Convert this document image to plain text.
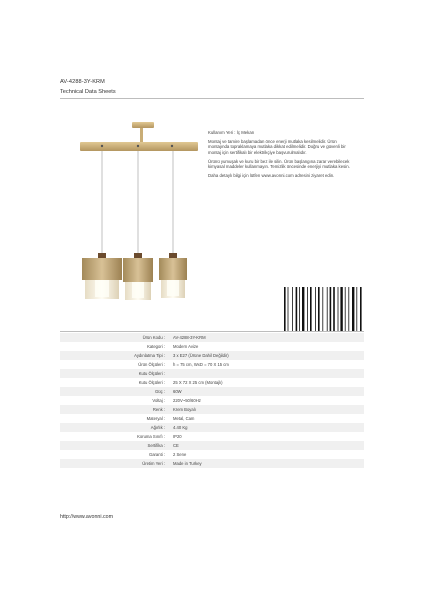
AV-4288-3Y-KRM
Technical Data Sheets

Kullanım Yeri : İç Mekan

Montaj ve tamire başlamadan önce enerji mutlaka kesilmelidir. Ürün montajında topraklamaya mutlaka dikkat edilmelidir. Doğru ve güvenli bir montaj için sertifikalı bir elektrikçiye başvurulmalıdır.

Ürünü yumuşak ve kuru bir bez ile silin. Ürün başlangına zarar verebilecek kimyasal maddeler kullanmayın. Temizlik öncesinde enerjiyi mutlaka kesin.

Daha detaylı bilgi için lütfen www.avonni.com adresini ziyaret edin.

Ürün Kodu :	AV-4288-3Y-KRM
Kategori :	Modern Avize
Aydınlatma Tipi :	3 x E27 (Ürüne Dahil Değildir)
Ürün Ölçüleri :	h = 75 cm, WxD = 70 X 15 cm
Kutu Ölçüleri :
Kutu Ölçüleri :	25 X 72 X 25 cm (Montajlı)
Güç :	60W
Voltaj :	220V~50/60Hz
Renk :	Krem Boyalı
Materyal :	Metal, Cam
Ağırlık :	4.40 Kg
Koruma Sınıfı :	IP20
Sertifika :	CE
Garanti :	2 Sene
Üretim Yeri :	Made in Turkey
http://www.avonni.com
